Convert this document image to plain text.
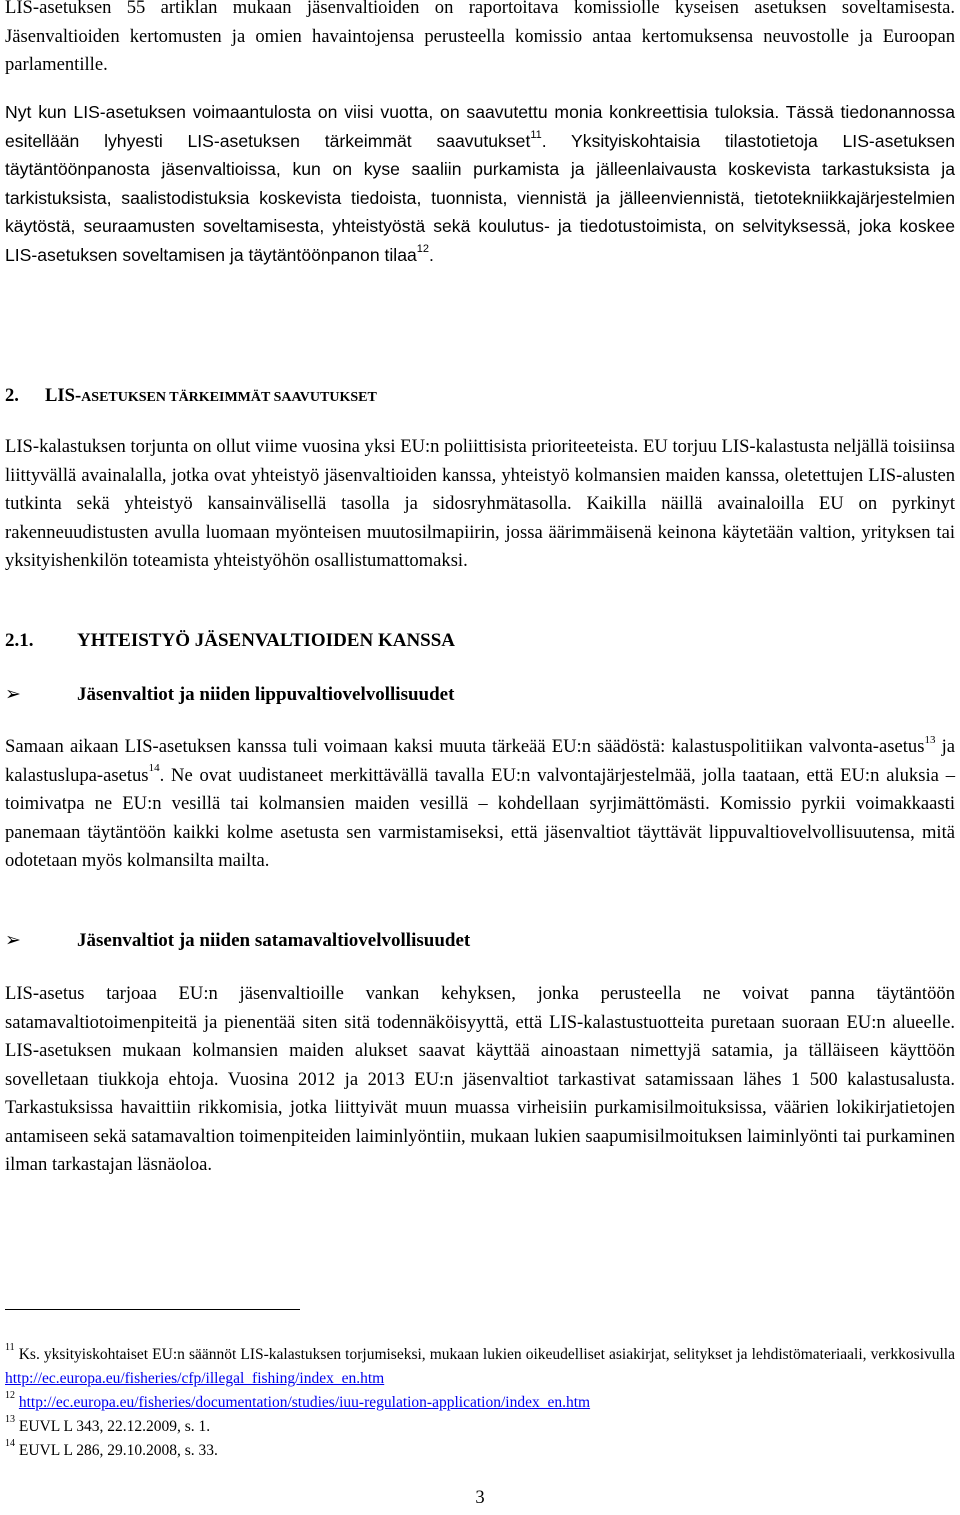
LIS-asetuksen 55 artiklan mukaan jäsenvaltioiden on raportoitava komissiolle kyseisen asetuksen soveltamisesta. Jäsenvaltioiden kertomusten ja omien havaintojensa perusteella komissio antaa kertomuksensa neuvostolle ja Euroopan parlamentille.

Nyt kun LIS-asetuksen voimaantulosta on viisi vuotta, on saavutettu monia konkreettisia tuloksia. Tässä tiedonannossa esitellään lyhyesti LIS-asetuksen tärkeimmät saavutukset$^{11}$. Yksityiskohtaisia tilastotietoja LIS-asetuksen täytäntöönpanosta jäsenvaltioissa, kun on kyse saaliin purkamista ja jälleenlaivausta koskevista tarkastuksista ja tarkistuksista, saalistodistuksia koskevista tiedoista, tuonnista, viennistä ja jälleenviennistä, tietotekniikkajärjestelmien käytöstä, seuraamusten soveltamisesta, yhteistyöstä sekä koulutus- ja tiedotustoimista, on selvityksessä, joka koskee LIS-asetuksen soveltamisen ja täytäntöönpanon tilaa$^{12}$.

2. LIS-ASETUKSEN TÄRKEIMMÄT SAAVUTUKSET

LIS-kalastuksen torjunta on ollut viime vuosina yksi EU:n poliittisista prioriteeteista. EU torjuu LIS-kalastusta neljällä toisiinsa liittyvällä avainalalla, jotka ovat yhteistyö jäsenvaltioiden kanssa, yhteistyö kolmansien maiden kanssa, oletettujen LIS-alusten tutkinta sekä yhteistyö kansainvälisellä tasolla ja sidosryhmätasolla. Kaikilla näillä avainaloilla EU on pyrkinyt rakenneuudistusten avulla luomaan myönteisen muutosilmapiirin, jossa äärimmäisenä keinona käytetään valtion, yrityksen tai yksityishenkilön toteamista yhteistyöhön osallistumattomaksi.

2.1. YHTEISTYÖ JÄSENVALTIOIDEN KANSSA
➢	Jäsenvaltiot ja niiden lippuvaltiovelvollisuudet

Samaan aikaan LIS-asetuksen kanssa tuli voimaan kaksi muuta tärkeää EU:n säädöstä: kalastuspolitiikan valvonta-asetus$^{13}$ ja kalastuslupa-asetus$^{14}$. Ne ovat uudistaneet merkittävällä tavalla EU:n valvontajärjestelmää, jolla taataan, että EU:n aluksia – toimivatpa ne EU:n vesillä tai kolmansien maiden vesillä – kohdellaan syrjimättömästi. Komissio pyrkii voimakkaasti panemaan täytäntöön kaikki kolme asetusta sen varmistamiseksi, että jäsenvaltiot täyttävät lippuvaltiovelvollisuutensa, mitä odotetaan myös kolmansilta mailta.

➢	Jäsenvaltiot ja niiden satamavaltiovelvollisuudet

LIS-asetus tarjoaa EU:n jäsenvaltioille vankan kehyksen, jonka perusteella ne voivat panna täytäntöön satamavaltiotoimenpiteitä ja pienentää siten sitä todennäköisyyttä, että LIS-kalastustuotteita puretaan suoraan EU:n alueelle. LIS-asetuksen mukaan kolmansien maiden alukset saavat käyttää ainoastaan nimettyjä satamia, ja tälläiseen käyttöön sovelletaan tiukkoja ehtoja. Vuosina 2012 ja 2013 EU:n jäsenvaltiot tarkastivat satamissaan lähes 1 500 kalastusalusta. Tarkastuksissa havaittiin rikkomisia, jotka liittyivät muun muassa virheisiin purkamisilmoituksissa, väärien lokikirjatietojen antamiseen sekä satamavaltion toimenpiteiden laiminlyöntiin, mukaan lukien saapumisilmoituksen laiminlyönti tai purkaminen ilman tarkastajan läsnäoloa.

$^{11}$ Ks. yksityiskohtaiset EU:n säännöt LIS-kalastuksen torjumiseksi, mukaan lukien oikeudelliset asiakirjat, selitykset ja lehdistömateriaali, verkkosivulla http://ec.europa.eu/fisheries/cfp/illegal_fishing/index_en.htm

$^{12}$ http://ec.europa.eu/fisheries/documentation/studies/iuu-regulation-application/index_en.htm

$^{13}$ EUVL L 343, 22.12.2009, s. 1.

$^{14}$ EUVL L 286, 29.10.2008, s. 33.

3
